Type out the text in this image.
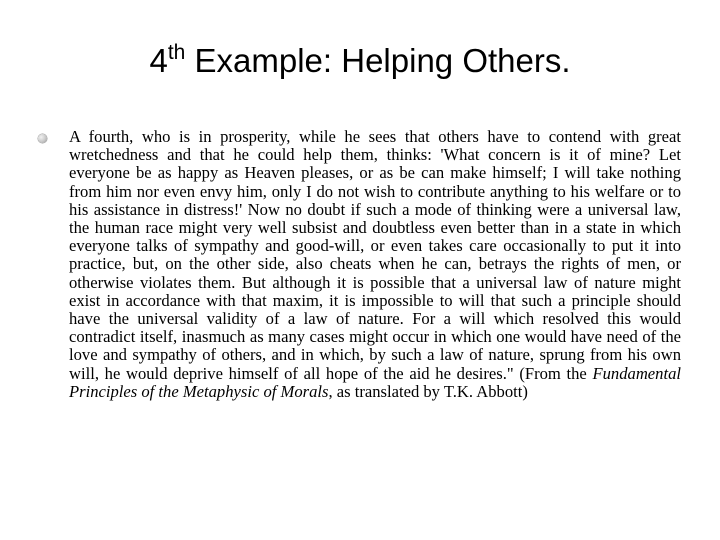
4th Example: Helping Others.
A fourth, who is in prosperity, while he sees that others have to contend with great wretchedness and that he could help them, thinks: 'What concern is it of mine? Let everyone be as happy as Heaven pleases, or as be can make himself; I will take nothing from him nor even envy him, only I do not wish to contribute anything to his welfare or to his assistance in distress!' Now no doubt if such a mode of thinking were a universal law, the human race might very well subsist and doubtless even better than in a state in which everyone talks of sympathy and good-will, or even takes care occasionally to put it into practice, but, on the other side, also cheats when he can, betrays the rights of men, or otherwise violates them. But although it is possible that a universal law of nature might exist in accordance with that maxim, it is impossible to will that such a principle should have the universal validity of a law of nature. For a will which resolved this would contradict itself, inasmuch as many cases might occur in which one would have need of the love and sympathy of others, and in which, by such a law of nature, sprung from his own will, he would deprive himself of all hope of the aid he desires." (From the Fundamental Principles of the Metaphysic of Morals, as translated by T.K. Abbott)
